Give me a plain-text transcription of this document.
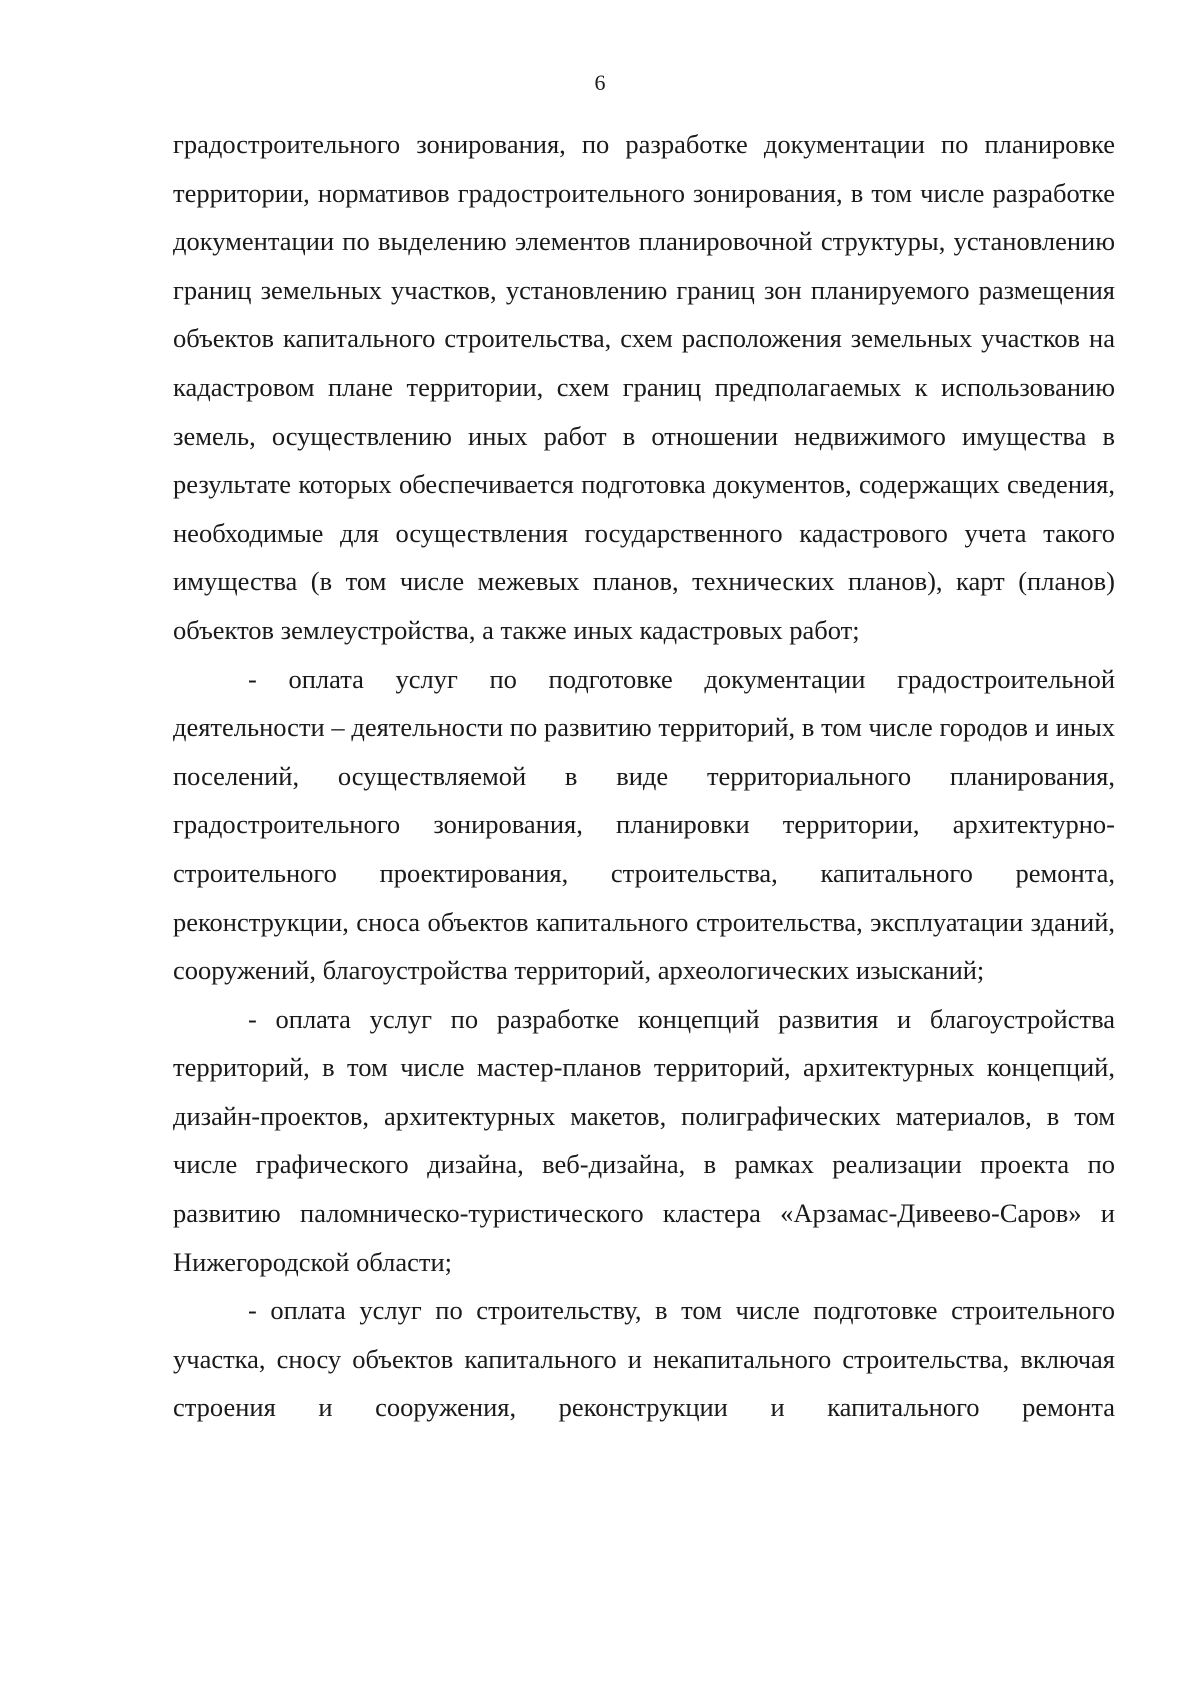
6

градостроительного зонирования, по разработке документации по планировке территории, нормативов градостроительного зонирования, в том числе разработке документации по выделению элементов планировочной структуры, установлению границ земельных участков, установлению границ зон планируемого размещения объектов капитального строительства, схем расположения земельных участков на кадастровом плане территории, схем границ предполагаемых к использованию земель, осуществлению иных работ в отношении недвижимого имущества в результате которых обеспечивается подготовка документов, содержащих сведения, необходимые для осуществления государственного кадастрового учета такого имущества (в том числе межевых планов, технических планов), карт (планов) объектов землеустройства, а также иных кадастровых работ;

- оплата услуг по подготовке документации градостроительной деятельности – деятельности по развитию территорий, в том числе городов и иных поселений, осуществляемой в виде территориального планирования, градостроительного зонирования, планировки территории, архитектурно-строительного проектирования, строительства, капитального ремонта, реконструкции, сноса объектов капитального строительства, эксплуатации зданий, сооружений, благоустройства территорий, археологических изысканий;

- оплата услуг по разработке концепций развития и благоустройства территорий, в том числе мастер-планов территорий, архитектурных концепций, дизайн-проектов, архитектурных макетов, полиграфических материалов, в том числе графического дизайна, веб-дизайна, в рамках реализации проекта по развитию паломническо-туристического кластера «Арзамас-Дивеево-Саров» и Нижегородской области;

- оплата услуг по строительству, в том числе подготовке строительного участка, сносу объектов капитального и некапитального строительства, включая строения и сооружения, реконструкции и капитального ремонта
